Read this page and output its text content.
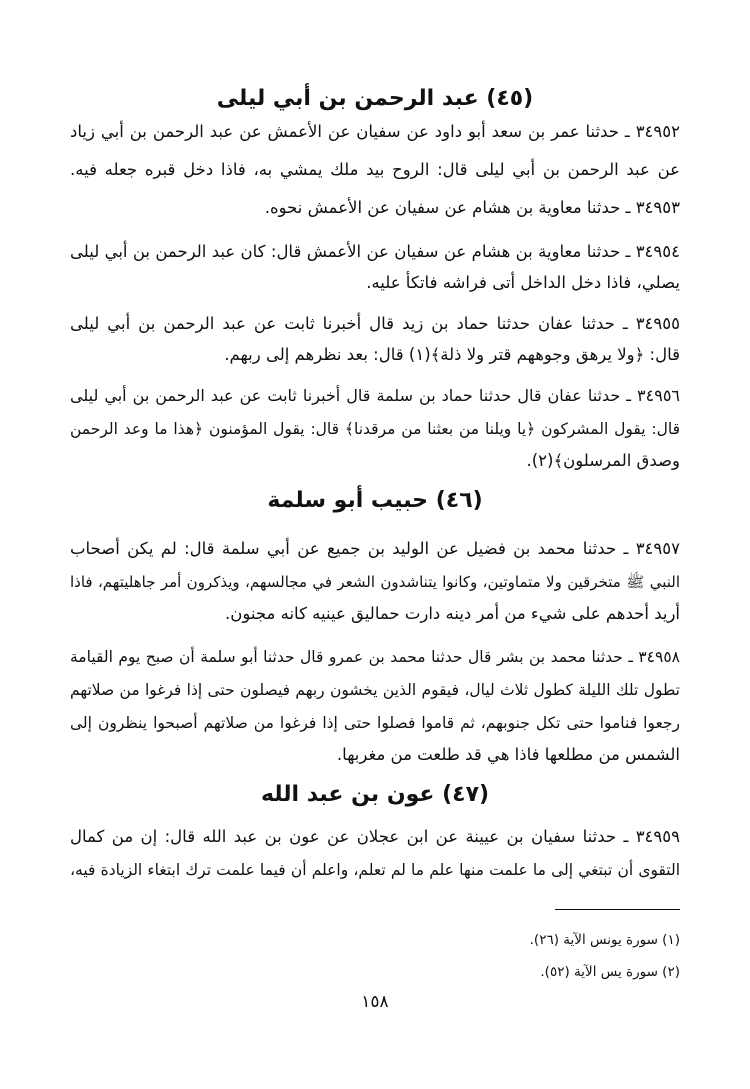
(٤٥) عبد الرحمن بن أبي ليلى
٣٤٩٥٢ ـ حدثنا عمر بن سعد أبو داود عن سفيان عن الأعمش عن عبد الرحمن بن أبي زياد
عن عبد الرحمن بن أبي ليلى قال: الروح بيد ملك يمشي به، فاذا دخل قبره جعله فيه.
٣٤٩٥٣ ـ حدثنا معاوية بن هشام عن سفيان عن الأعمش نحوه.
٣٤٩٥٤ ـ حدثنا معاوية بن هشام عن سفيان عن الأعمش قال: كان عبد الرحمن بن أبي ليلى
يصلي، فاذا دخل الداخل أتى فراشه فاتكأ عليه.
٣٤٩٥٥ ـ حدثنا عفان حدثنا حماد بن زيد قال أخبرنا ثابت عن عبد الرحمن بن أبي ليلى
قال: ﴿ولا يرهق وجوههم قتر ولا ذلة﴾(١) قال: بعد نظرهم إلى ربهم.
٣٤٩٥٦ ـ حدثنا عفان قال حدثنا حماد بن سلمة قال أخبرنا ثابت عن عبد الرحمن بن أبي ليلى
قال: يقول المشركون ﴿يا ويلنا من بعثنا من مرقدنا﴾ قال: يقول المؤمنون ﴿هذا ما وعد الرحمن
وصدق المرسلون﴾(٢).
(٤٦) حبيب أبو سلمة
٣٤٩٥٧ ـ حدثنا محمد بن فضيل عن الوليد بن جميع عن أبي سلمة قال: لم يكن أصحاب
النبي ﷺ متخرقين ولا متماوتين، وكانوا يتناشدون الشعر في مجالسهم، ويذكرون أمر جاهليتهم، فاذا
أريد أحدهم على شيء من أمر دينه دارت حماليق عينيه كانه مجنون.
٣٤٩٥٨ ـ حدثنا محمد بن بشر قال حدثنا محمد بن عمرو قال حدثنا أبو سلمة أن صبح يوم القيامة
تطول تلك الليلة كطول ثلاث ليال، فيقوم الذين يخشون ربهم فيصلون حتى إذا فرغوا من صلاتهم
رجعوا فناموا حتى تكل جنوبهم، ثم قاموا فصلوا حتى إذا فرغوا من صلاتهم أصبحوا ينظرون إلى
الشمس من مطلعها فاذا هي قد طلعت من مغربها.
(٤٧) عون بن عبد الله
٣٤٩٥٩ ـ حدثنا سفيان بن عيينة عن ابن عجلان عن عون بن عبد الله قال: إن من كمال
التقوى أن تبتغي إلى ما علمت منها علم ما لم تعلم، واعلم أن فيما علمت ترك ابتغاء الزيادة فيه،
(١) سورة يونس الآية (٢٦).
(٢) سورة يس الآية (٥٢).
١٥٨
